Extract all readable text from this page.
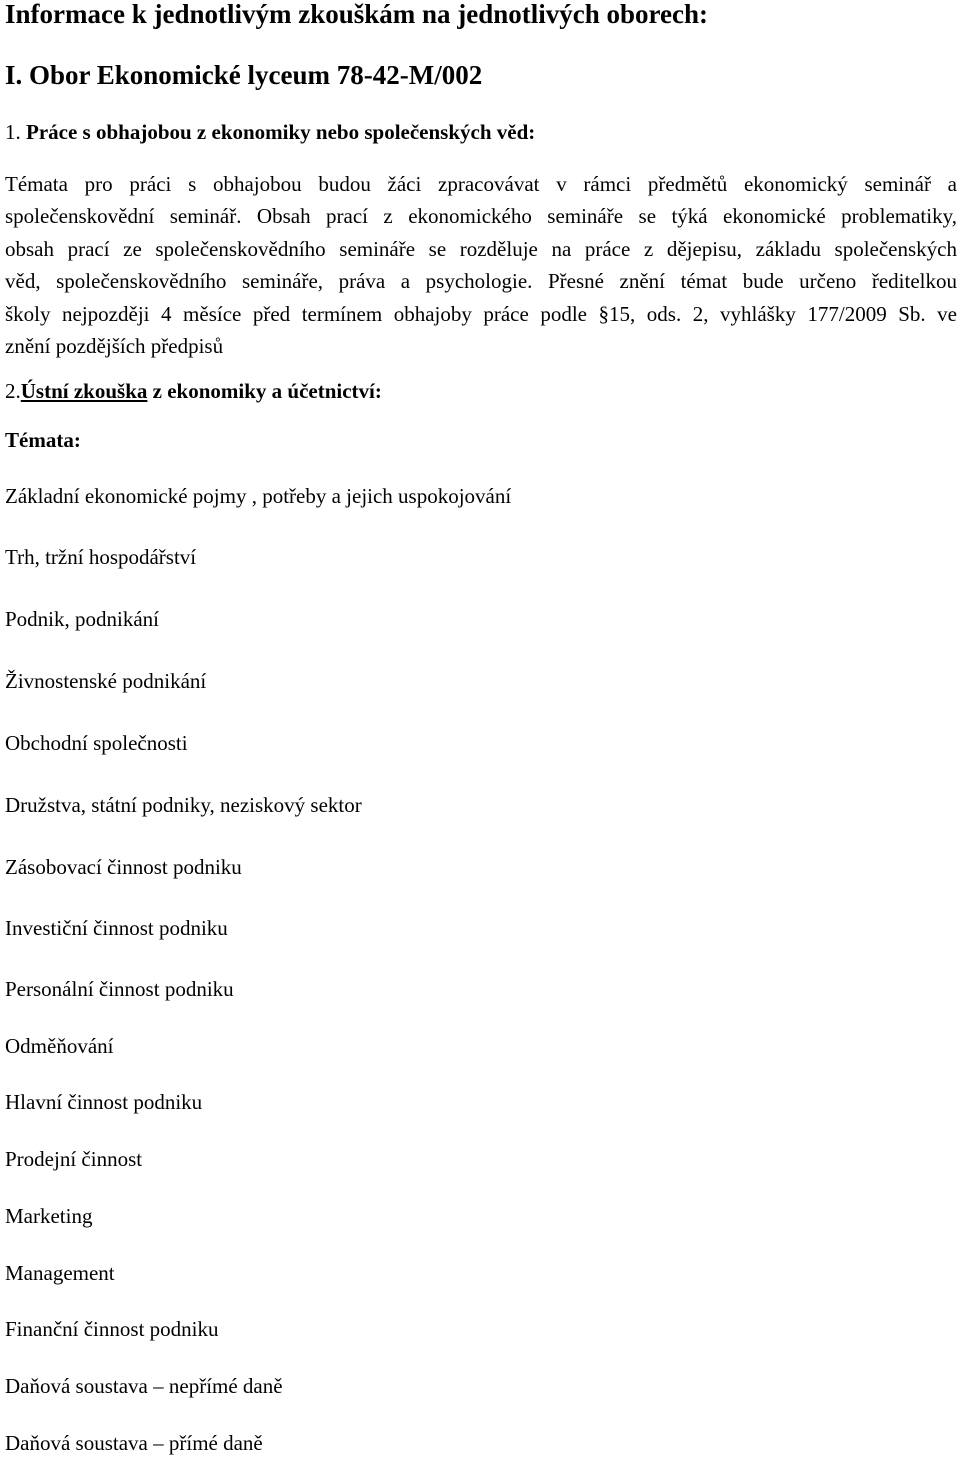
Informace k jednotlivým zkouškám na jednotlivých oborech:
I. Obor Ekonomické lyceum 78-42-M/002
1. Práce s obhajobou z ekonomiky nebo společenských věd:
Témata pro práci s obhajobou budou žáci zpracovávat v rámci předmětů ekonomický seminář a
společenskovědní seminář. Obsah prací z ekonomického semináře se týká ekonomické problematiky,
obsah prací ze společenskovědního semináře se rozděluje na práce z dějepisu, základu společenských
věd, společenskovědního semináře, práva a psychologie. Přesné znění témat bude určeno ředitelkou
školy nejpozději 4 měsíce před termínem obhajoby práce podle §15, ods. 2, vyhlášky 177/2009 Sb. ve
znění pozdějších předpisů
2.Ústní zkouška z ekonomiky a účetnictví:
Témata:
Základní ekonomické pojmy , potřeby a jejich uspokojování
Trh, tržní hospodářství
Podnik, podnikání
Živnostenské podnikání
Obchodní společnosti
Družstva, státní podniky, neziskový sektor
Zásobovací činnost podniku
Investiční činnost podniku
Personální činnost podniku
Odměňování
Hlavní činnost podniku
Prodejní činnost
Marketing
Management
Finanční činnost podniku
Daňová soustava – nepřímé daně
Daňová soustava – přímé daně
